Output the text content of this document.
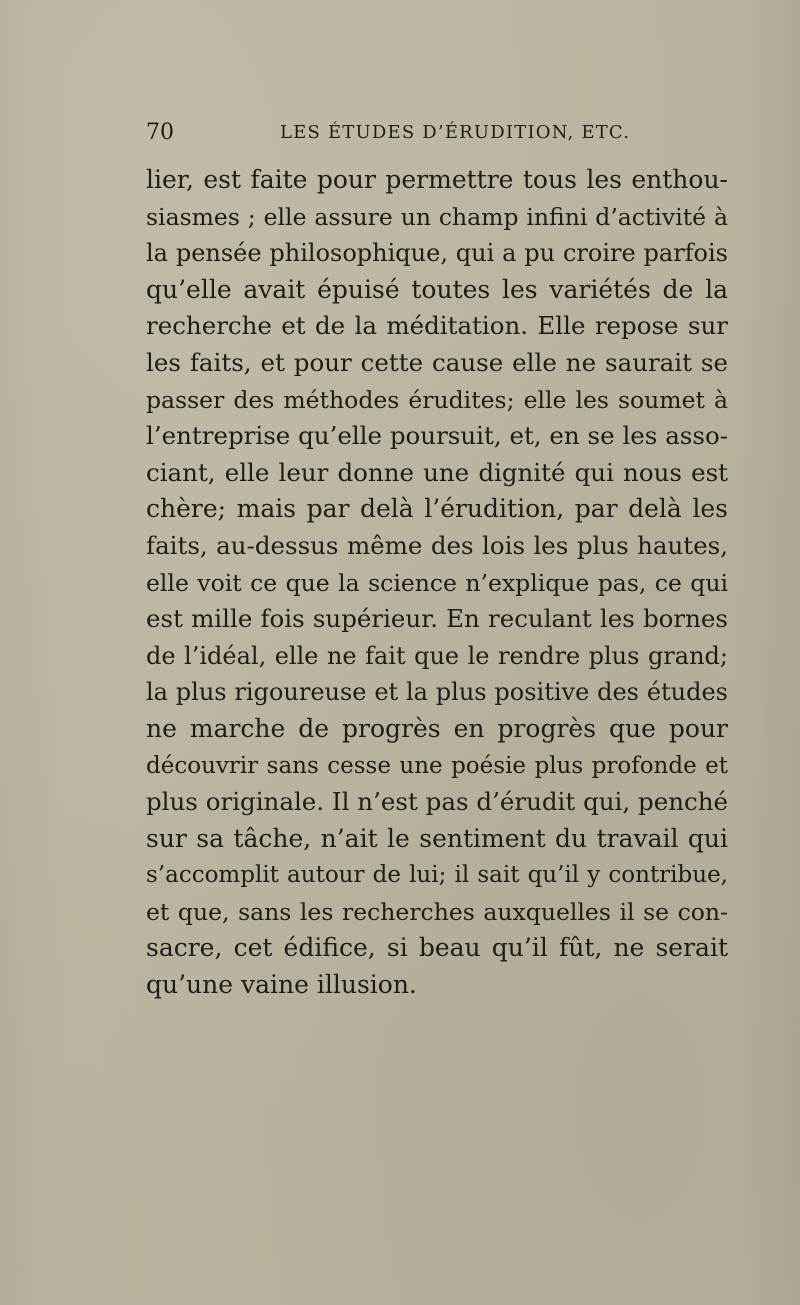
70	LES ÉTUDES D’ÉRUDITION, ETC.
lier, est faite pour permettre tous les enthou-
siasmes ; elle assure un champ infini d’activité à
la pensée philosophique, qui a pu croire parfois
qu’elle avait épuisé toutes les variétés de la
recherche et de la méditation. Elle repose sur
les faits, et pour cette cause elle ne saurait se
passer des méthodes érudites; elle les soumet à
l’entreprise qu’elle poursuit, et, en se les asso-
ciant, elle leur donne une dignité qui nous est
chère; mais par delà l’érudition, par delà les
faits, au-dessus même des lois les plus hautes,
elle voit ce que la science n’explique pas, ce qui
est mille fois supérieur. En reculant les bornes
de l’idéal, elle ne fait que le rendre plus grand;
la plus rigoureuse et la plus positive des études
ne marche de progrès en progrès que pour
découvrir sans cesse une poésie plus profonde et
plus originale. Il n’est pas d’érudit qui, penché
sur sa tâche, n’ait le sentiment du travail qui
s’accomplit autour de lui; il sait qu’il y contribue,
et que, sans les recherches auxquelles il se con-
sacre, cet édifice, si beau qu’il fût, ne serait
qu’une vaine illusion.
